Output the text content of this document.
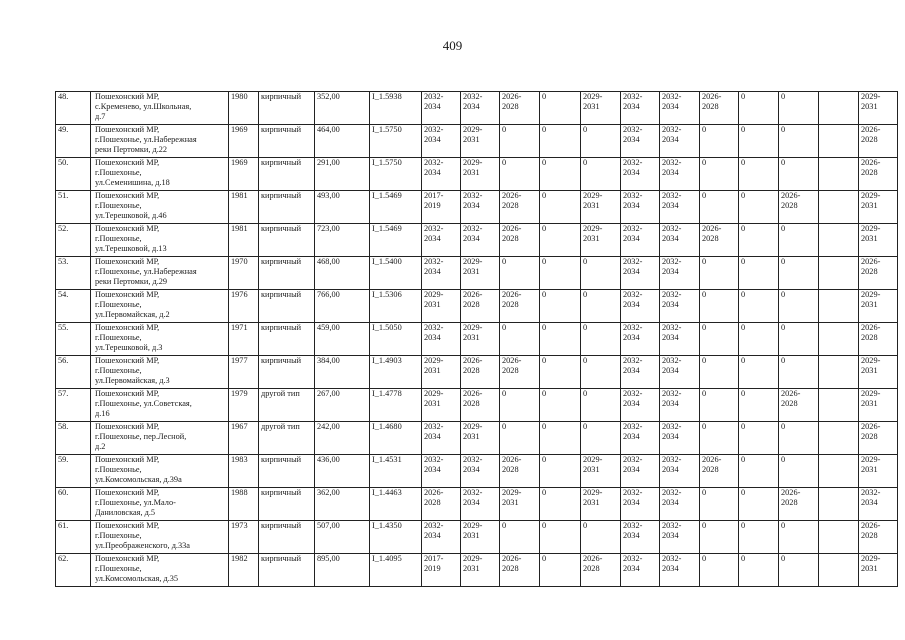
409
48.	Пошехонский МР,
с.Кременево, ул.Школьная,
д.7	1980	кирпичный	352,00	I_1.5938	2032-
2034	2032-
2034	2026-
2028	0	2029-
2031	2032-
2034	2032-
2034	2026-
2028	0	0		2029-
2031
49.	Пошехонский МР,
г.Пошехонье, ул.Набережная
реки Пертомки, д.22	1969	кирпичный	464,00	I_1.5750	2032-
2034	2029-
2031	0	0	0	2032-
2034	2032-
2034	0	0	0		2026-
2028
50.	Пошехонский МР,
г.Пошехонье,
ул.Семенишина, д.18	1969	кирпичный	291,00	I_1.5750	2032-
2034	2029-
2031	0	0	0	2032-
2034	2032-
2034	0	0	0		2026-
2028
51.	Пошехонский МР,
г.Пошехонье,
ул.Терешковой, д.46	1981	кирпичный	493,00	I_1.5469	2017-
2019	2032-
2034	2026-
2028	0	2029-
2031	2032-
2034	2032-
2034	0	0	2026-
2028		2029-
2031
52.	Пошехонский МР,
г.Пошехонье,
ул.Терешковой, д.13	1981	кирпичный	723,00	I_1.5469	2032-
2034	2032-
2034	2026-
2028	0	2029-
2031	2032-
2034	2032-
2034	2026-
2028	0	0		2029-
2031
53.	Пошехонский МР,
г.Пошехонье, ул.Набережная
реки Пертомки, д.29	1970	кирпичный	468,00	I_1.5400	2032-
2034	2029-
2031	0	0	0	2032-
2034	2032-
2034	0	0	0		2026-
2028
54.	Пошехонский МР,
г.Пошехонье,
ул.Первомайская, д.2	1976	кирпичный	766,00	I_1.5306	2029-
2031	2026-
2028	2026-
2028	0	0	2032-
2034	2032-
2034	0	0	0		2029-
2031
55.	Пошехонский МР,
г.Пошехонье,
ул.Терешковой, д.3	1971	кирпичный	459,00	I_1.5050	2032-
2034	2029-
2031	0	0	0	2032-
2034	2032-
2034	0	0	0		2026-
2028
56.	Пошехонский МР,
г.Пошехонье,
ул.Первомайская, д.3	1977	кирпичный	384,00	I_1.4903	2029-
2031	2026-
2028	2026-
2028	0	0	2032-
2034	2032-
2034	0	0	0		2029-
2031
57.	Пошехонский МР,
г.Пошехонье, ул.Советская,
д.16	1979	другой тип	267,00	I_1.4778	2029-
2031	2026-
2028	0	0	0	2032-
2034	2032-
2034	0	0	2026-
2028		2029-
2031
58.	Пошехонский МР,
г.Пошехонье, пер.Лесной,
д.2	1967	другой тип	242,00	I_1.4680	2032-
2034	2029-
2031	0	0	0	2032-
2034	2032-
2034	0	0	0		2026-
2028
59.	Пошехонский МР,
г.Пошехонье,
ул.Комсомольская, д.39а	1983	кирпичный	436,00	I_1.4531	2032-
2034	2032-
2034	2026-
2028	0	2029-
2031	2032-
2034	2032-
2034	2026-
2028	0	0		2029-
2031
60.	Пошехонский МР,
г.Пошехонье, ул.Мало-
Даниловская, д.5	1988	кирпичный	362,00	I_1.4463	2026-
2028	2032-
2034	2029-
2031	0	2029-
2031	2032-
2034	2032-
2034	0	0	2026-
2028		2032-
2034
61.	Пошехонский МР,
г.Пошехонье,
ул.Преображенского, д.33а	1973	кирпичный	507,00	I_1.4350	2032-
2034	2029-
2031	0	0	0	2032-
2034	2032-
2034	0	0	0		2026-
2028
62.	Пошехонский МР,
г.Пошехонье,
ул.Комсомольская, д.35	1982	кирпичный	895,00	I_1.4095	2017-
2019	2029-
2031	2026-
2028	0	2026-
2028	2032-
2034	2032-
2034	0	0	0		2029-
2031
